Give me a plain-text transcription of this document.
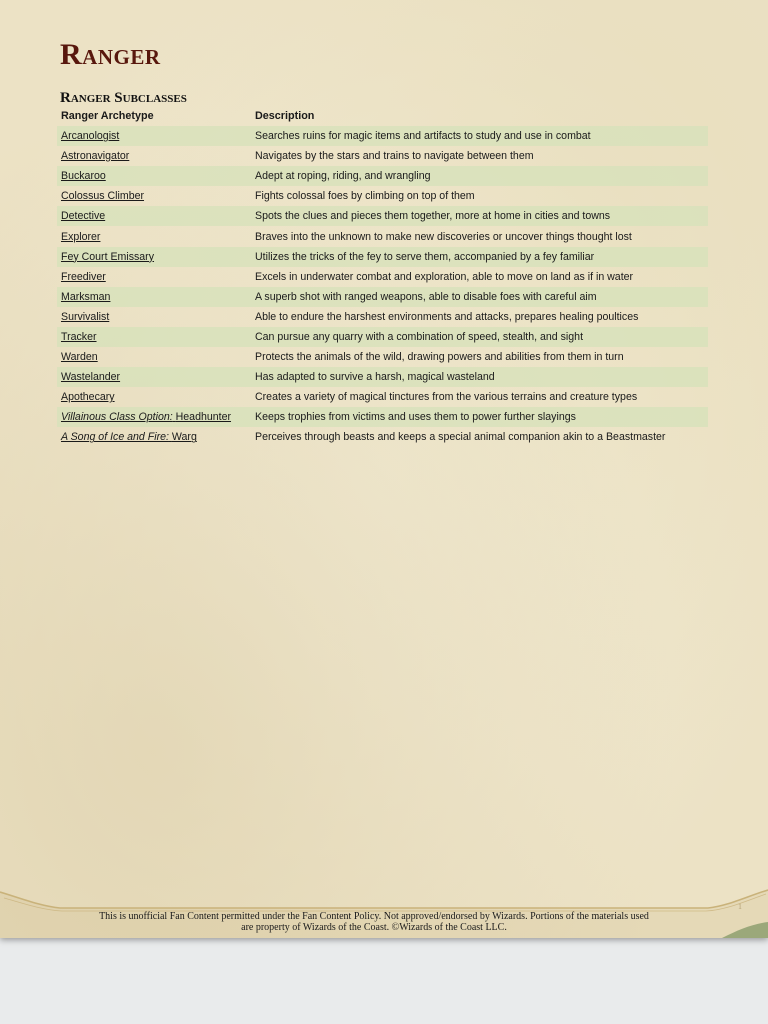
Ranger
Ranger Subclasses
Ranger Archetype	Description
Arcanologist	Searches ruins for magic items and artifacts to study and use in combat
Astronavigator	Navigates by the stars and trains to navigate between them
Buckaroo	Adept at roping, riding, and wrangling
Colossus Climber	Fights colossal foes by climbing on top of them
Detective	Spots the clues and pieces them together, more at home in cities and towns
Explorer	Braves into the unknown to make new discoveries or uncover things thought lost
Fey Court Emissary	Utilizes the tricks of the fey to serve them, accompanied by a fey familiar
Freediver	Excels in underwater combat and exploration, able to move on land as if in water
Marksman	A superb shot with ranged weapons, able to disable foes with careful aim
Survivalist	Able to endure the harshest environments and attacks, prepares healing poultices
Tracker	Can pursue any quarry with a combination of speed, stealth, and sight
Warden	Protects the animals of the wild, drawing powers and abilities from them in turn
Wastelander	Has adapted to survive a harsh, magical wasteland
Apothecary	Creates a variety of magical tinctures from the various terrains and creature types
Villainous Class Option: Headhunter	Keeps trophies from victims and uses them to power further slayings
A Song of Ice and Fire: Warg	Perceives through beasts and keeps a special animal companion akin to a Beastmaster

This is unofficial Fan Content permitted under the Fan Content Policy. Not approved/endorsed by Wizards. Portions of the materials used
are property of Wizards of the Coast. ©Wizards of the Coast LLC.

1
